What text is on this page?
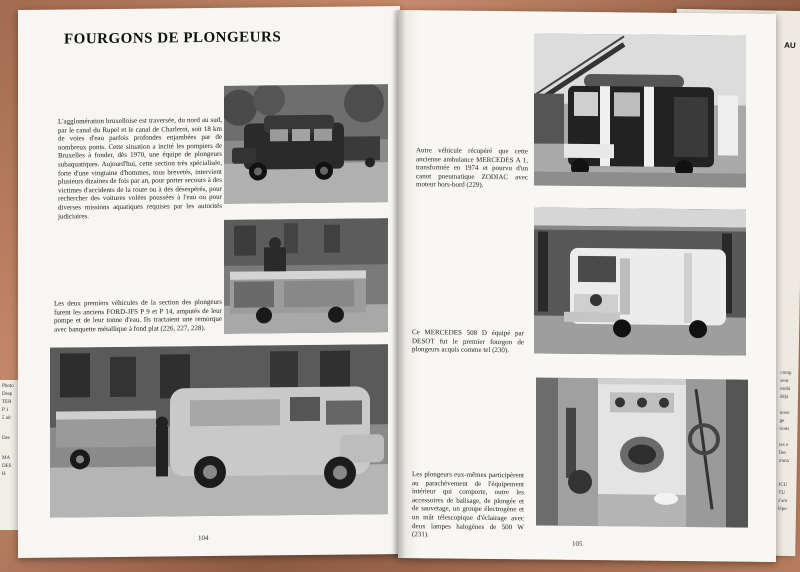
Photo
Desp
TER
P 1
5 ait
Des
MA
DES
H
AU
comp
sent
mobi
déjà
nove
ge
tions
tes e
lles
mma
JCU
TU
s'am
lépo
FOURGONS DE PLONGEURS
L'agglomération bruxelloise est traversée, du nord au sud, par le canal du Rupel et le canal de Charleroi, soit 18 km de voies d'eau parfois profondes enjambées par de nombreux ponts. Cette situation a incité les pompiers de Bruxelles à fonder, dès 1970, une équipe de plongeurs subaquatiques. Aujourd'hui, cette section très spécialisée, forte d'une vingtaine d'hommes, tous brevetés, intervient plusieurs dizaines de fois par an, pour porter secours à des victimes d'accidents de la route ou à des désespérés, pour rechercher des voitures volées poussées à l'eau ou pour diverses missions aquatiques requises par les autorités judiciaires.
Les deux premiers véhicules de la section des plongeurs furent les anciens FORD-JFS P 9 et P 14, amputés de leur pompe et de leur tonne d'eau. Ils tractaient une remorque avec banquette métallique à fond plat (226, 227, 228).
104
Autre véhicule récupéré que cette ancienne ambulance MERCEDES A 1, transformée en 1974 et pourvu d'un canot pneumatique ZODIAC avec moteur hors-bord (229).
Ce MERCEDES 508 D équipé par DESOT fut le premier fourgon de plongeurs acquis comme tel (230).
Les plongeurs eux-mêmes participèrent au parachèvement de l'équipement intérieur qui comporte, outre les accessoires de balisage, de plongée et de sauvetage, un groupe électrogène et un mât télescopique d'éclairage avec deux lampes halogènes de 500 W (231).
105
